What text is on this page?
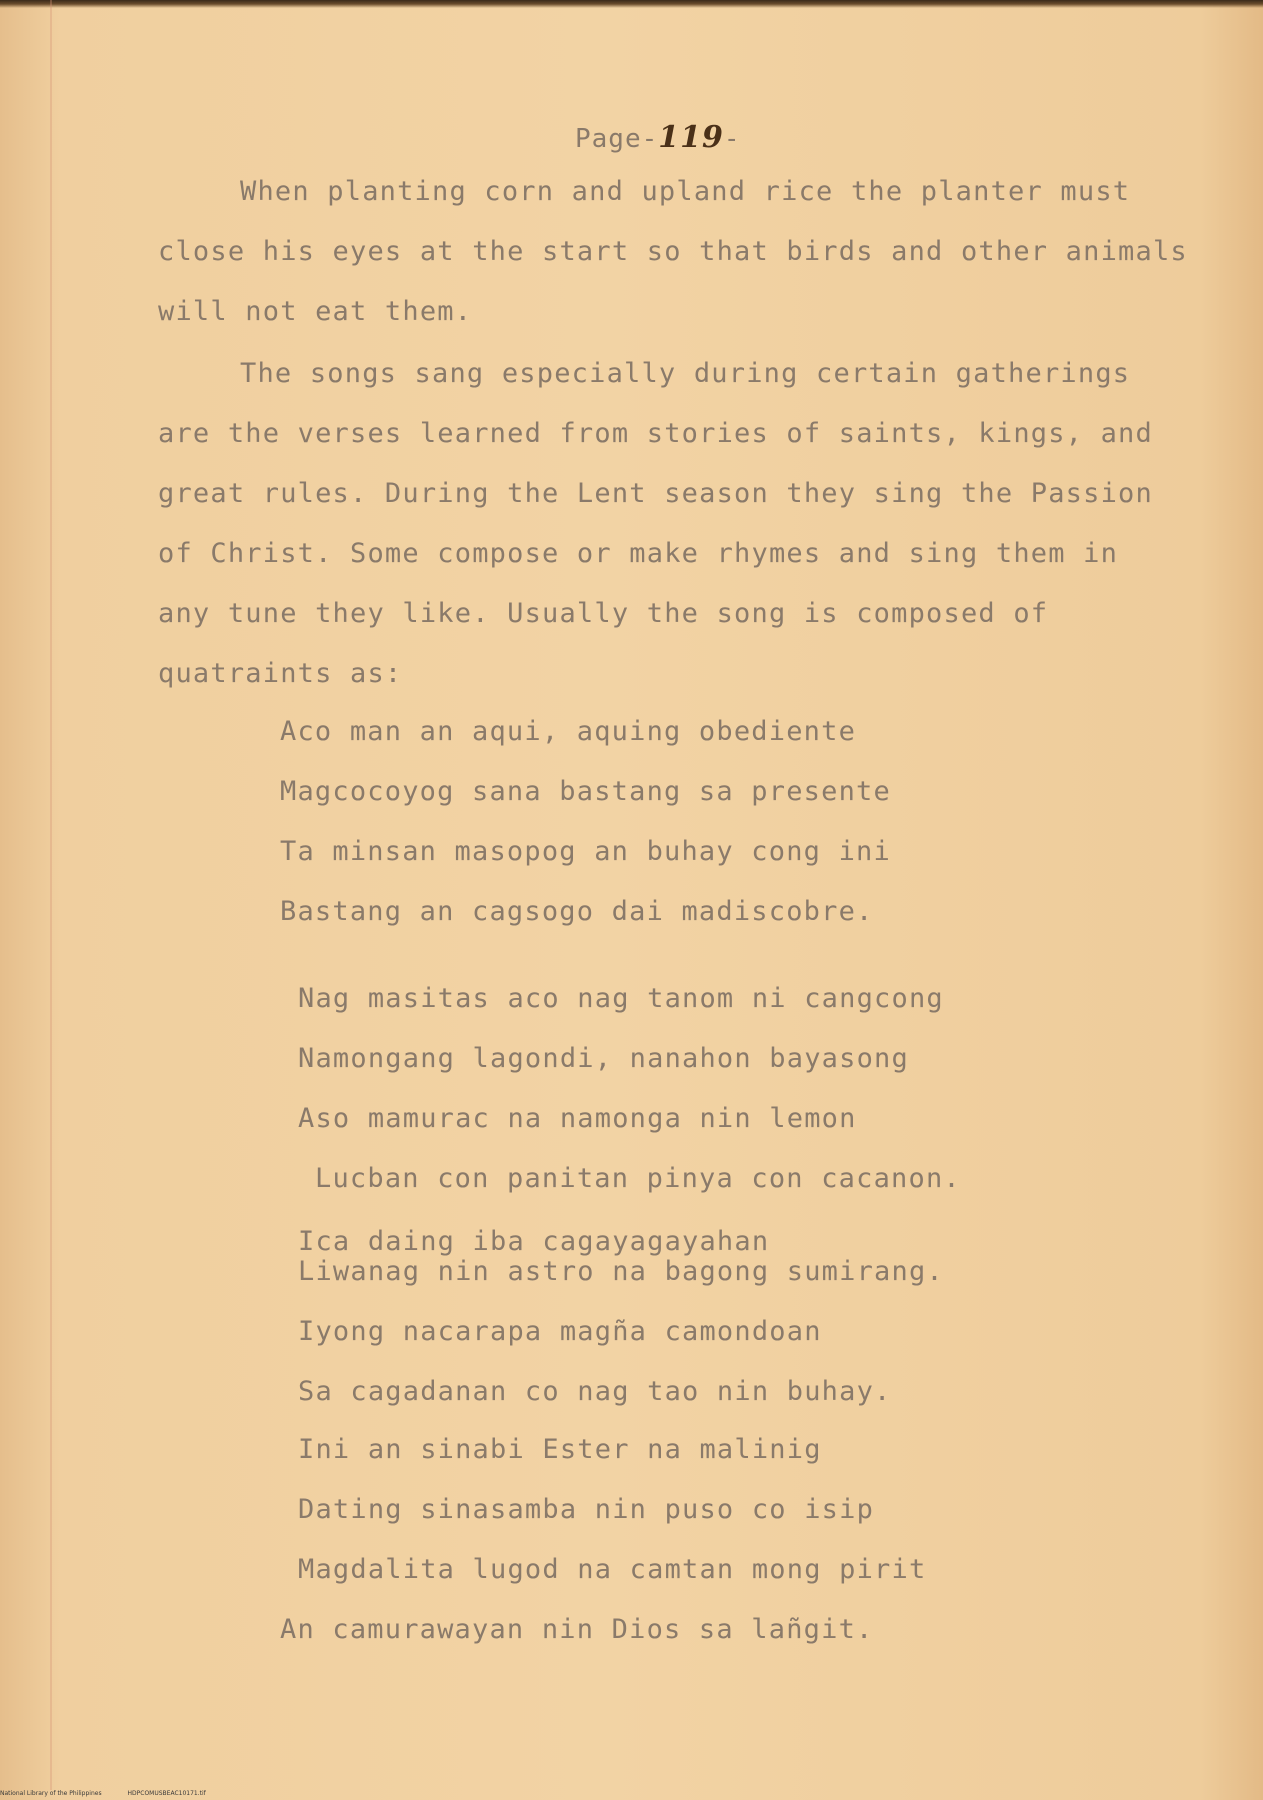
Page-119-
When planting corn and upland rice the planter must
close his eyes at the start so that birds and other animals
will not eat them.
The songs sang especially during certain gatherings
are the verses learned from stories of saints, kings, and
great rules. During the Lent season they sing the Passion
of Christ. Some compose or make rhymes and sing them in
any tune they like. Usually the song is composed of
quatraints as:
Aco man an aqui, aquing obediente
Magcocoyog sana bastang sa presente
Ta minsan masopog an buhay cong ini
Bastang an cagsogo dai madiscobre.
Nag masitas aco nag tanom ni cangcong
Namongang lagondi, nanahon bayasong
Aso mamurac na namonga nin lemon
Lucban con panitan pinya con cacanon.
Ica daing iba cagayagayahan
Liwanag nin astro na bagong sumirang.
Iyong nacarapa magña camondoan
Sa cagadanan co nag tao nin buhay.
Ini an sinabi Ester na malinig
Dating sinasamba nin puso co isip
Magdalita lugod na camtan mong pirit
An camurawayan nin Dios sa lañgit.
National Library of the Philippines	HDPCOMUSBEAC10171.tif
